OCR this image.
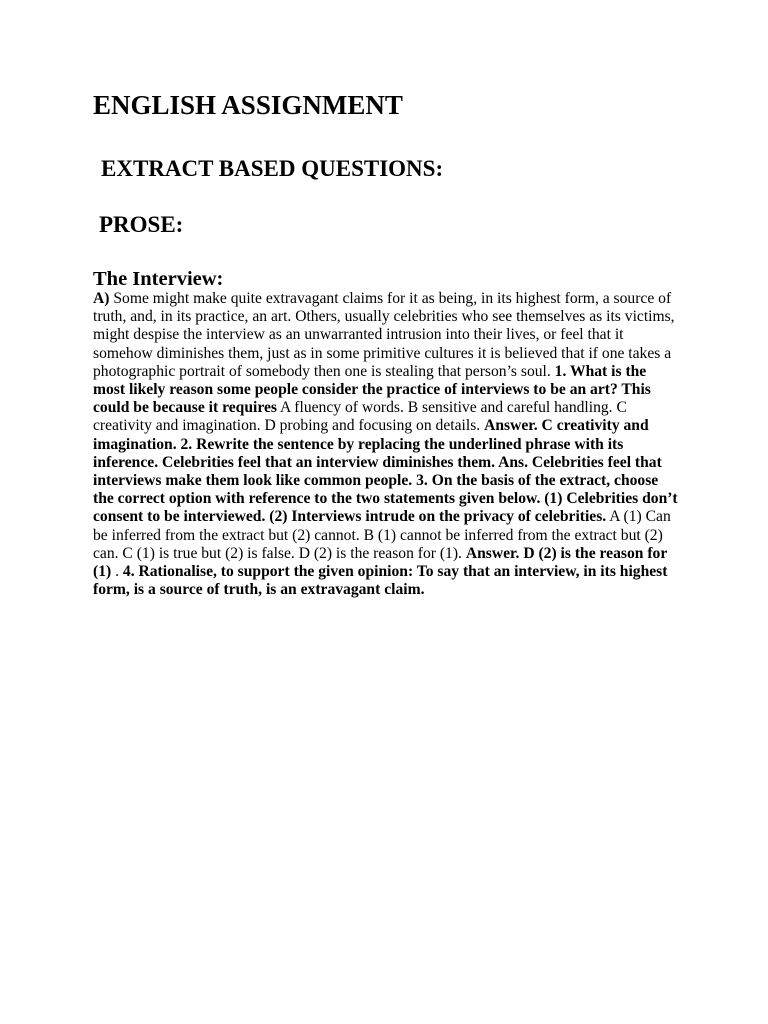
ENGLISH ASSIGNMENT
EXTRACT BASED QUESTIONS:
PROSE:
The Interview:

A) Some might make quite extravagant claims for it as being, in its highest form, a source of truth, and, in its practice, an art. Others, usually celebrities who see themselves as its victims, might despise the interview as an unwarranted intrusion into their lives, or feel that it somehow diminishes them, just as in some primitive cultures it is believed that if one takes a photographic portrait of somebody then one is stealing that person’s soul. 1. What is the most likely reason some people consider the practice of interviews to be an art? This could be because it requires A fluency of words. B sensitive and careful handling. C creativity and imagination. D probing and focusing on details. Answer. C creativity and imagination. 2. Rewrite the sentence by replacing the underlined phrase with its inference. Celebrities feel that an interview diminishes them. Ans. Celebrities feel that interviews make them look like common people. 3. On the basis of the extract, choose the correct option with reference to the two statements given below. (1) Celebrities don’t consent to be interviewed. (2) Interviews intrude on the privacy of celebrities. A (1) Can be inferred from the extract but (2) cannot. B (1) cannot be inferred from the extract but (2) can. C (1) is true but (2) is false. D (2) is the reason for (1). Answer. D (2) is the reason for (1) . 4. Rationalise, to support the given opinion: To say that an interview, in its highest form, is a source of truth, is an extravagant claim.
